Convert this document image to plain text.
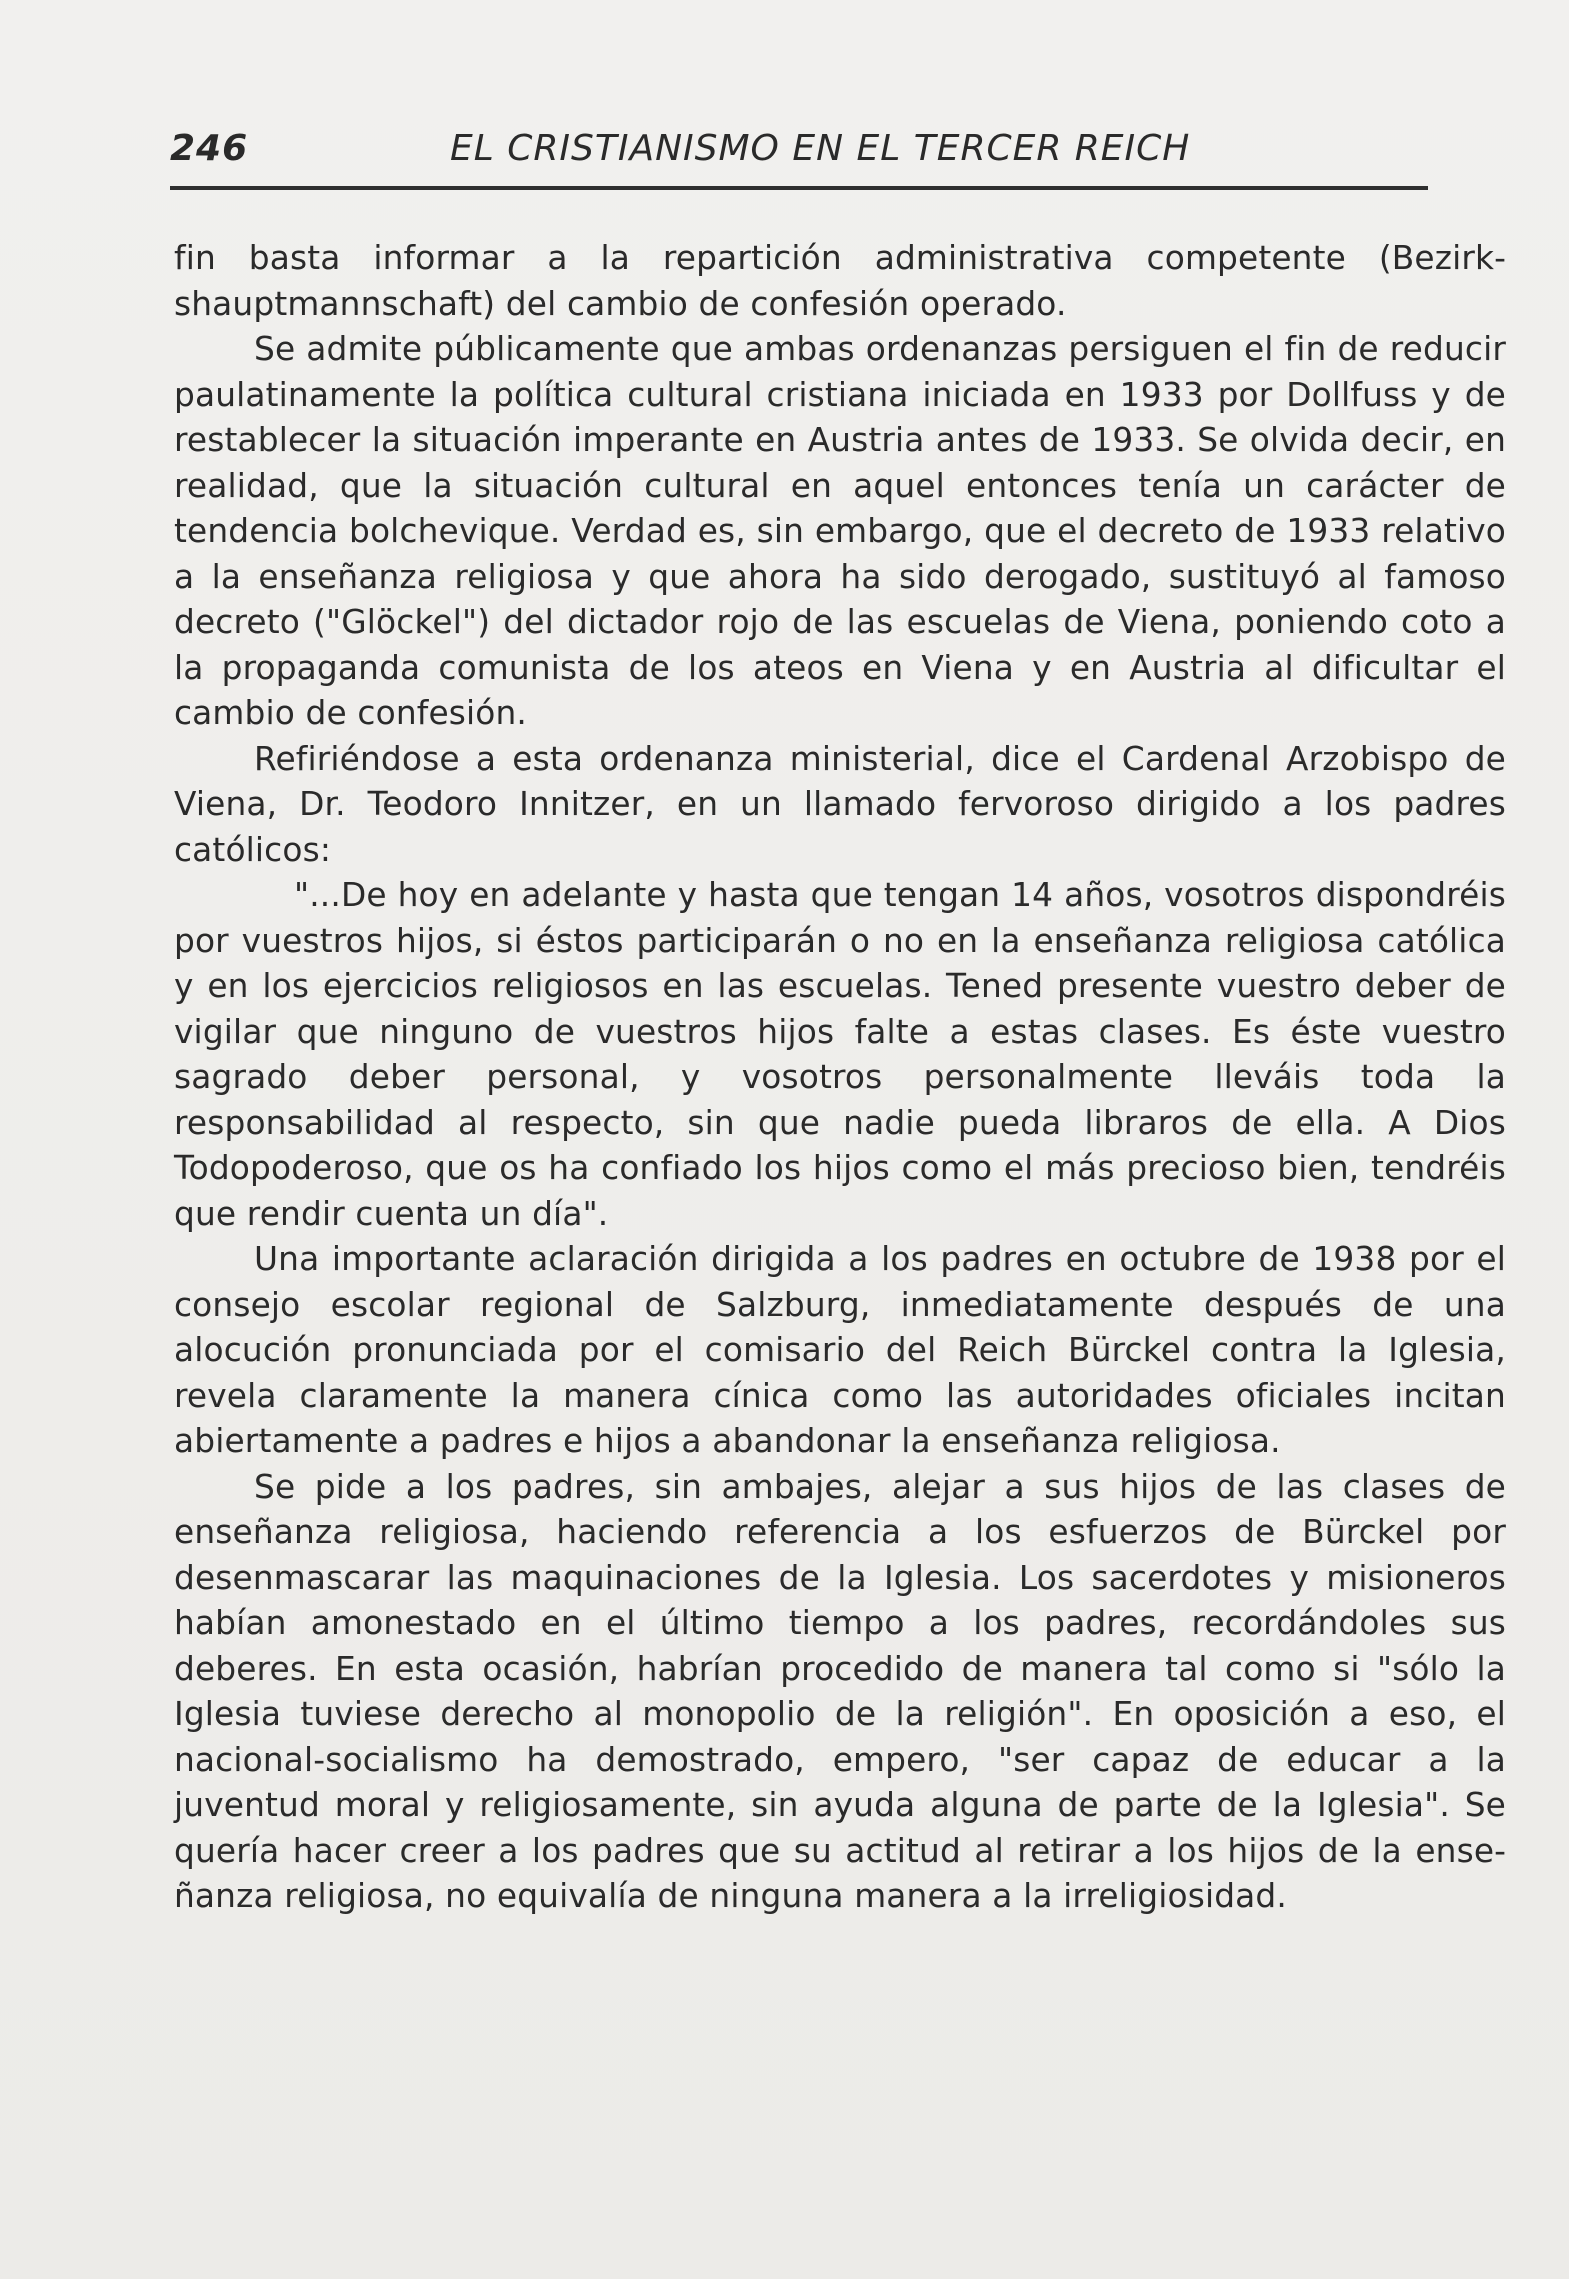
246	EL CRISTIANISMO EN EL TERCER REICH

fin basta informar a la repartición administrativa competente (Bezirkshauptmannschaft) del cambio de confesión operado.

Se admite públicamente que ambas ordenanzas persiguen el fin de reducir paulatinamente la política cultural cristiana iniciada en 1933 por Dollfuss y de restablecer la situación imperante en Austria antes de 1933. Se olvida decir, en realidad, que la situación cultural en aquel entonces tenía un carácter de tendencia bolchevique. Verdad es, sin embargo, que el decreto de 1933 relativo a la enseñanza religiosa y que ahora ha sido derogado, sustituyó al famoso decreto ("Glöckel") del dictador rojo de las escuelas de Viena, poniendo coto a la propaganda comunista de los ateos en Viena y en Austria al dificultar el cambio de confesión.

Refiriéndose a esta ordenanza ministerial, dice el Cardenal Arzobispo de Viena, Dr. Teodoro Innitzer, en un llamado fervoroso dirigido a los padres católicos:

"...De hoy en adelante y hasta que tengan 14 años, vosotros dispondréis por vuestros hijos, si éstos participarán o no en la enseñanza religiosa católica y en los ejercicios religiosos en las escuelas. Tened presente vuestro deber de vigilar que ninguno de vuestros hijos falte a estas clases. Es éste vuestro sagrado deber personal, y vosotros personalmente lleváis toda la responsabilidad al respecto, sin que nadie pueda libraros de ella. A Dios Todopoderoso, que os ha confiado los hijos como el más precioso bien, tendréis que rendir cuenta un día".

Una importante aclaración dirigida a los padres en octubre de 1938 por el consejo escolar regional de Salzburg, inmediatamente después de una alocución pronunciada por el comisario del Reich Bürckel contra la Iglesia, revela claramente la manera cínica como las autoridades oficiales incitan abiertamente a padres e hijos a abandonar la enseñanza religiosa.

Se pide a los padres, sin ambajes, alejar a sus hijos de las clases de enseñanza religiosa, haciendo referencia a los esfuerzos de Bürckel por desenmascarar las maquinaciones de la Iglesia. Los sacerdotes y misioneros habían amonestado en el último tiempo a los padres, recordándoles sus deberes. En esta ocasión, habrían procedido de manera tal como si "sólo la Iglesia tuviese derecho al monopolio de la religión". En oposición a eso, el nacional-socialismo ha demostrado, empero, "ser capaz de educar a la juventud moral y religiosamente, sin ayuda alguna de parte de la Iglesia". Se quería hacer creer a los padres que su actitud al retirar a los hijos de la enseñanza religiosa, no equivalía de ninguna manera a la irreligiosidad.
